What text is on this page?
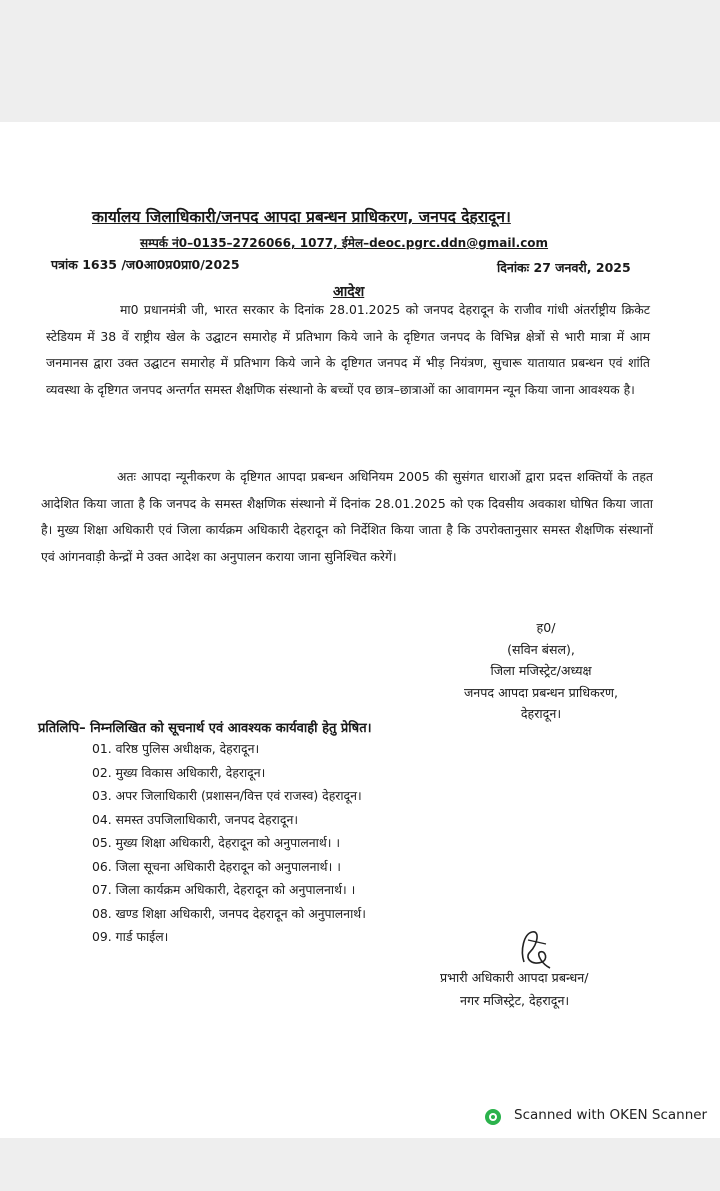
कार्यालय जिलाधिकारी/जनपद आपदा प्रबन्धन प्राधिकरण, जनपद देहरादून।
सम्पर्क नं0–0135–2726066, 1077, ईमेल–deoc.pgrc.ddn@gmail.com
पत्रांक 1635 /ज0आ0प्र0प्रा0/2025	दिनांकः 27 जनवरी, 2025
आदेश
मा0 प्रधानमंत्री जी, भारत सरकार के दिनांक 28.01.2025 को जनपद देहरादून के राजीव गांधी अंतर्राष्ट्रीय क्रिकेट स्टेडियम में 38 वें राष्ट्रीय खेल के उद्घाटन समारोह में प्रतिभाग किये जाने के दृष्टिगत जनपद के विभिन्न क्षेत्रों से भारी मात्रा में आम जनमानस द्वारा उक्त उद्घाटन समारोह में प्रतिभाग किये जाने के दृष्टिगत जनपद में भीड़ नियंत्रण, सुचारू यातायात प्रबन्धन एवं शांति व्यवस्था के दृष्टिगत जनपद अन्तर्गत समस्त शैक्षणिक संस्थानो के बच्चों एव छात्र–छात्राओं का आवागमन न्यून किया जाना आवश्यक है।
अतः आपदा न्यूनीकरण के दृष्टिगत आपदा प्रबन्धन अधिनियम 2005 की सुसंगत धाराओं द्वारा प्रदत्त शक्तियों के तहत आदेशित किया जाता है कि जनपद के समस्त शैक्षणिक संस्थानो में दिनांक 28.01.2025 को एक दिवसीय अवकाश घोषित किया जाता है। मुख्य शिक्षा अधिकारी एवं जिला कार्यक्रम अधिकारी देहरादून को निर्देशित किया जाता है कि उपरोक्तानुसार समस्त शैक्षणिक संस्थानों एवं आंगनवाड़ी केन्द्रों मे उक्त आदेश का अनुपालन कराया जाना सुनिश्चित करेगें।
ह0/
(सविन बंसल),
जिला मजिस्ट्रेट/अध्यक्ष
जनपद आपदा प्रबन्धन प्राधिकरण,
देहरादून।
प्रतिलिपि– निम्नलिखित को सूचनार्थ एवं आवश्यक कार्यवाही हेतु प्रेषित।
01. वरिष्ठ पुलिस अधीक्षक, देहरादून।
02. मुख्य विकास अधिकारी, देहरादून।
03. अपर जिलाधिकारी (प्रशासन/वित्त एवं राजस्व) देहरादून।
04. समस्त उपजिलाधिकारी, जनपद देहरादून।
05. मुख्य शिक्षा अधिकारी, देहरादून को अनुपालनार्थ। ।
06. जिला सूचना अधिकारी देहरादून को अनुपालनार्थ। ।
07. जिला कार्यक्रम अधिकारी, देहरादून को अनुपालनार्थ। ।
08. खण्ड शिक्षा अधिकारी, जनपद देहरादून को अनुपालनार्थ।
09. गार्ड फाईल।
प्रभारी अधिकारी आपदा प्रबन्धन/
नगर मजिस्ट्रेट, देहरादून।
Scanned with OKEN Scanner
